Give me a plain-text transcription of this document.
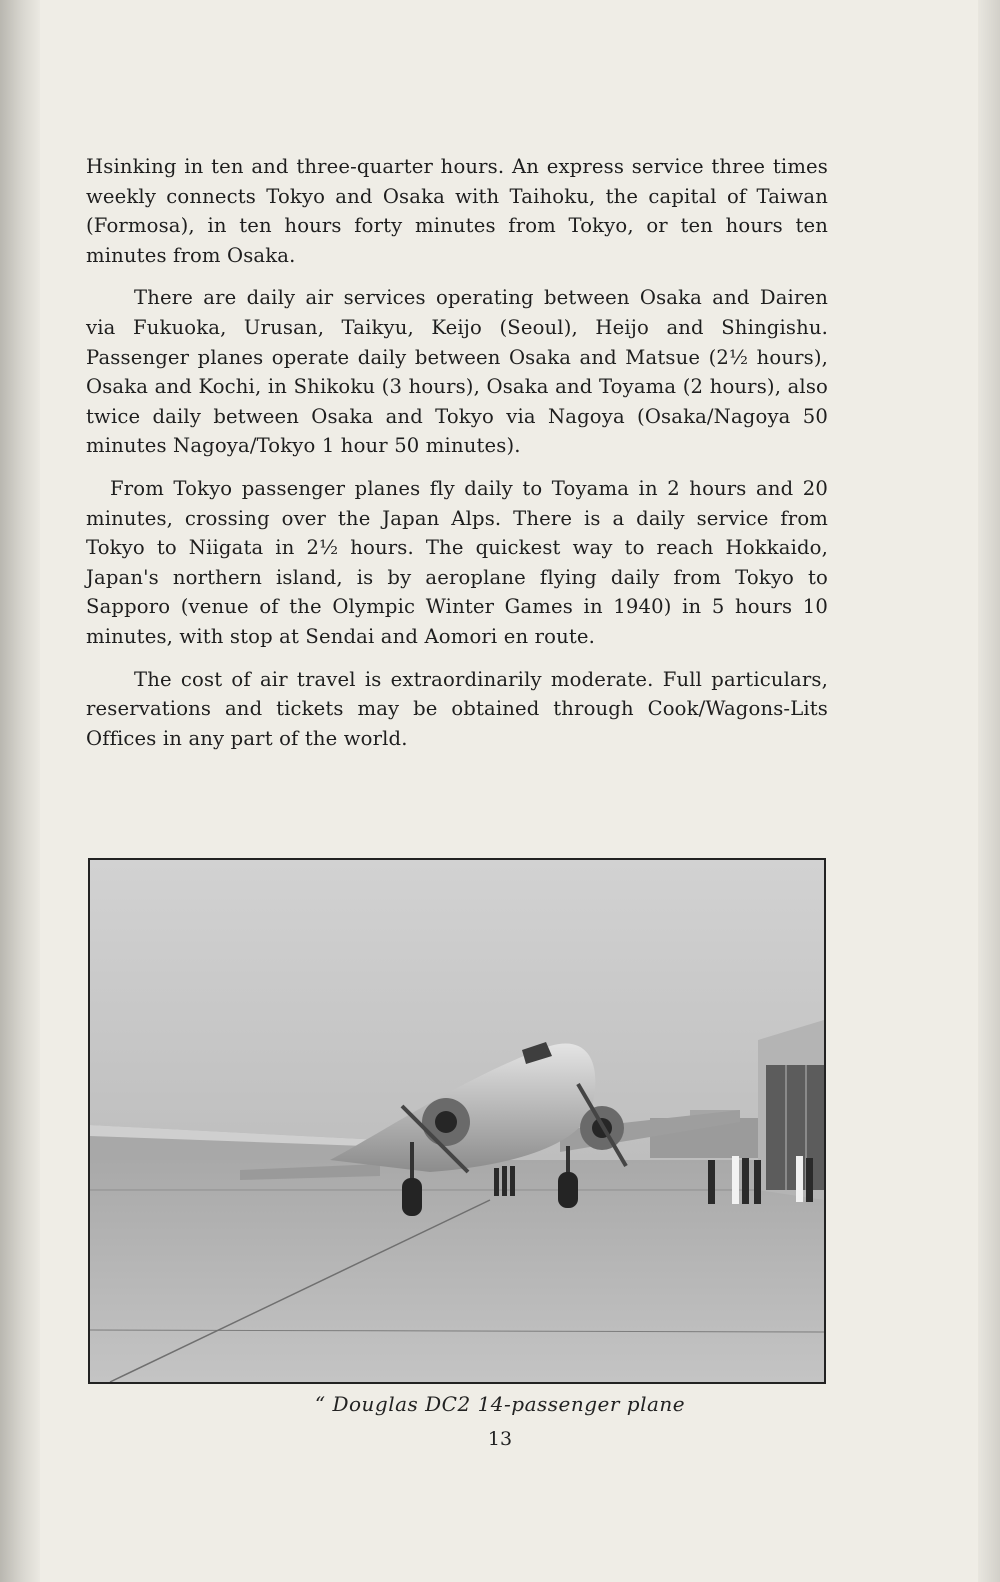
Hsinking in ten and three-quarter hours. An express service three times weekly connects Tokyo and Osaka with Taihoku, the capital of Taiwan (Formosa), in ten hours forty minutes from Tokyo, or ten hours ten minutes from Osaka.

There are daily air services operating between Osaka and Dairen via Fukuoka, Urusan, Taikyu, Keijo (Seoul), Heijo and Shingishu. Passenger planes operate daily between Osaka and Matsue (2½ hours), Osaka and Kochi, in Shikoku (3 hours), Osaka and Toyama (2 hours), also twice daily between Osaka and Tokyo via Nagoya (Osaka/Nagoya 50 minutes Nagoya/Tokyo 1 hour 50 minutes).

From Tokyo passenger planes fly daily to Toyama in 2 hours and 20 minutes, crossing over the Japan Alps. There is a daily service from Tokyo to Niigata in 2½ hours. The quickest way to reach Hokkaido, Japan's northern island, is by aeroplane flying daily from Tokyo to Sapporo (venue of the Olympic Winter Games in 1940) in 5 hours 10 minutes, with stop at Sendai and Aomori en route.

The cost of air travel is extraordinarily moderate. Full particulars, reservations and tickets may be obtained through Cook/Wagons-Lits Offices in any part of the world.

“ Douglas DC2 14-passenger plane
13
